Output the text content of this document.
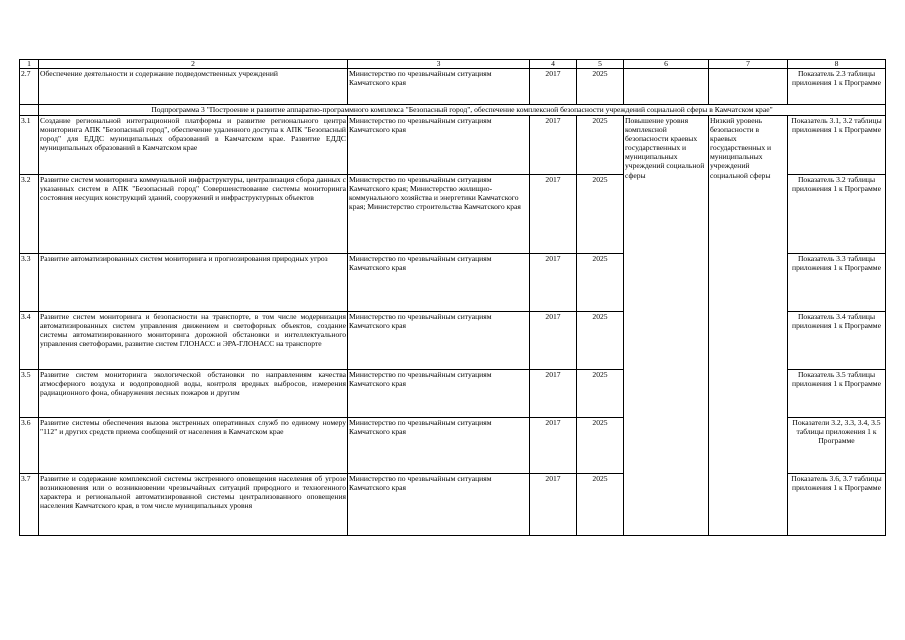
1	2	3	4	5	6	7	8
2.7	Обеспечение деятельности и содержание подведомственных учреждений	Министерство по чрезвычайным ситуациям Камчатского края	2017	2025			Показатель 2.3 таблицы приложения 1 к Программе
	Подпрограмма 3 "Построение и развитие аппаратно-программного комплекса "Безопасный город", обеспечение комплексной безопасности учреждений социальной сферы в Камчатском крае"						
3.1	Создание региональной интеграционной платформы и развитие регионального центра мониторинга АПК "Безопасный город", обеспечение удаленного доступа к АПК "Безопасный город" для ЕДДС муниципальных образований в Камчатском крае. Развитие ЕДДС муниципальных образований в Камчатском крае	Министерство по чрезвычайным ситуациям Камчатского края	2017	2025	Повышение уровня комплексной безопасности краевых государственных и муниципальных учреждений социальной сферы	Низкий уровень безопасности в краевых государственных и муниципальных учреждений социальной сферы	Показатель 3.1, 3.2 таблицы приложения 1 к Программе
3.2	Развитие систем мониторинга коммунальной инфраструктуры, централизация сбора данных с указанных систем в АПК "Безопасный город" Совершенствование системы мониторинга состояния несущих конструкций зданий, сооружений и инфраструктурных объектов	Министерство по чрезвычайным ситуациям Камчатского края; Министерство жилищно-коммунального хозяйства и энергетики Камчатского края; Министерство строительства Камчатского края	2017	2025			Показатель 3.2 таблицы приложения 1 к Программе
3.3	Развитие автоматизированных систем мониторинга и прогнозирования природных угроз	Министерство по чрезвычайным ситуациям Камчатского края	2017	2025			Показатель 3.3 таблицы приложения 1 к Программе
3.4	Развитие систем мониторинга и безопасности на транспорте, в том числе модернизация автоматизированных систем управления движением и светофорных объектов, создание системы автоматизированного мониторинга дорожной обстановки и интеллектуального управления светофорами, развитие систем ГЛОНАСС и ЭРА-ГЛОНАСС на транспорте	Министерство по чрезвычайным ситуациям Камчатского края	2017	2025			Показатель 3.4 таблицы приложения 1 к Программе
3.5	Развитие систем мониторинга экологической обстановки по направлениям качества атмосферного воздуха и водопроводной воды, контроля вредных выбросов, измерения радиационного фона, обнаружения лесных пожаров и другим	Министерство по чрезвычайным ситуациям Камчатского края	2017	2025			Показатель 3.5 таблицы приложения 1 к Программе
3.6	Развитие системы обеспечения вызова экстренных оперативных служб по единому номеру "112" и других средств приема сообщений от населения в Камчатском крае	Министерство по чрезвычайным ситуациям Камчатского края	2017	2025			Показатели 3.2, 3.3, 3.4, 3.5 таблицы приложения 1 к Программе
3.7	Развитие и содержание комплексной системы экстренного оповещения населения об угрозе возникновения или о возникновении чрезвычайных ситуаций природного и техногенного характера и региональной автоматизированной системы централизованного оповещения населения Камчатского края, в том числе муниципальных уровня	Министерство по чрезвычайным ситуациям Камчатского края	2017	2025			Показатель 3.6, 3.7 таблицы приложения 1 к Программе
